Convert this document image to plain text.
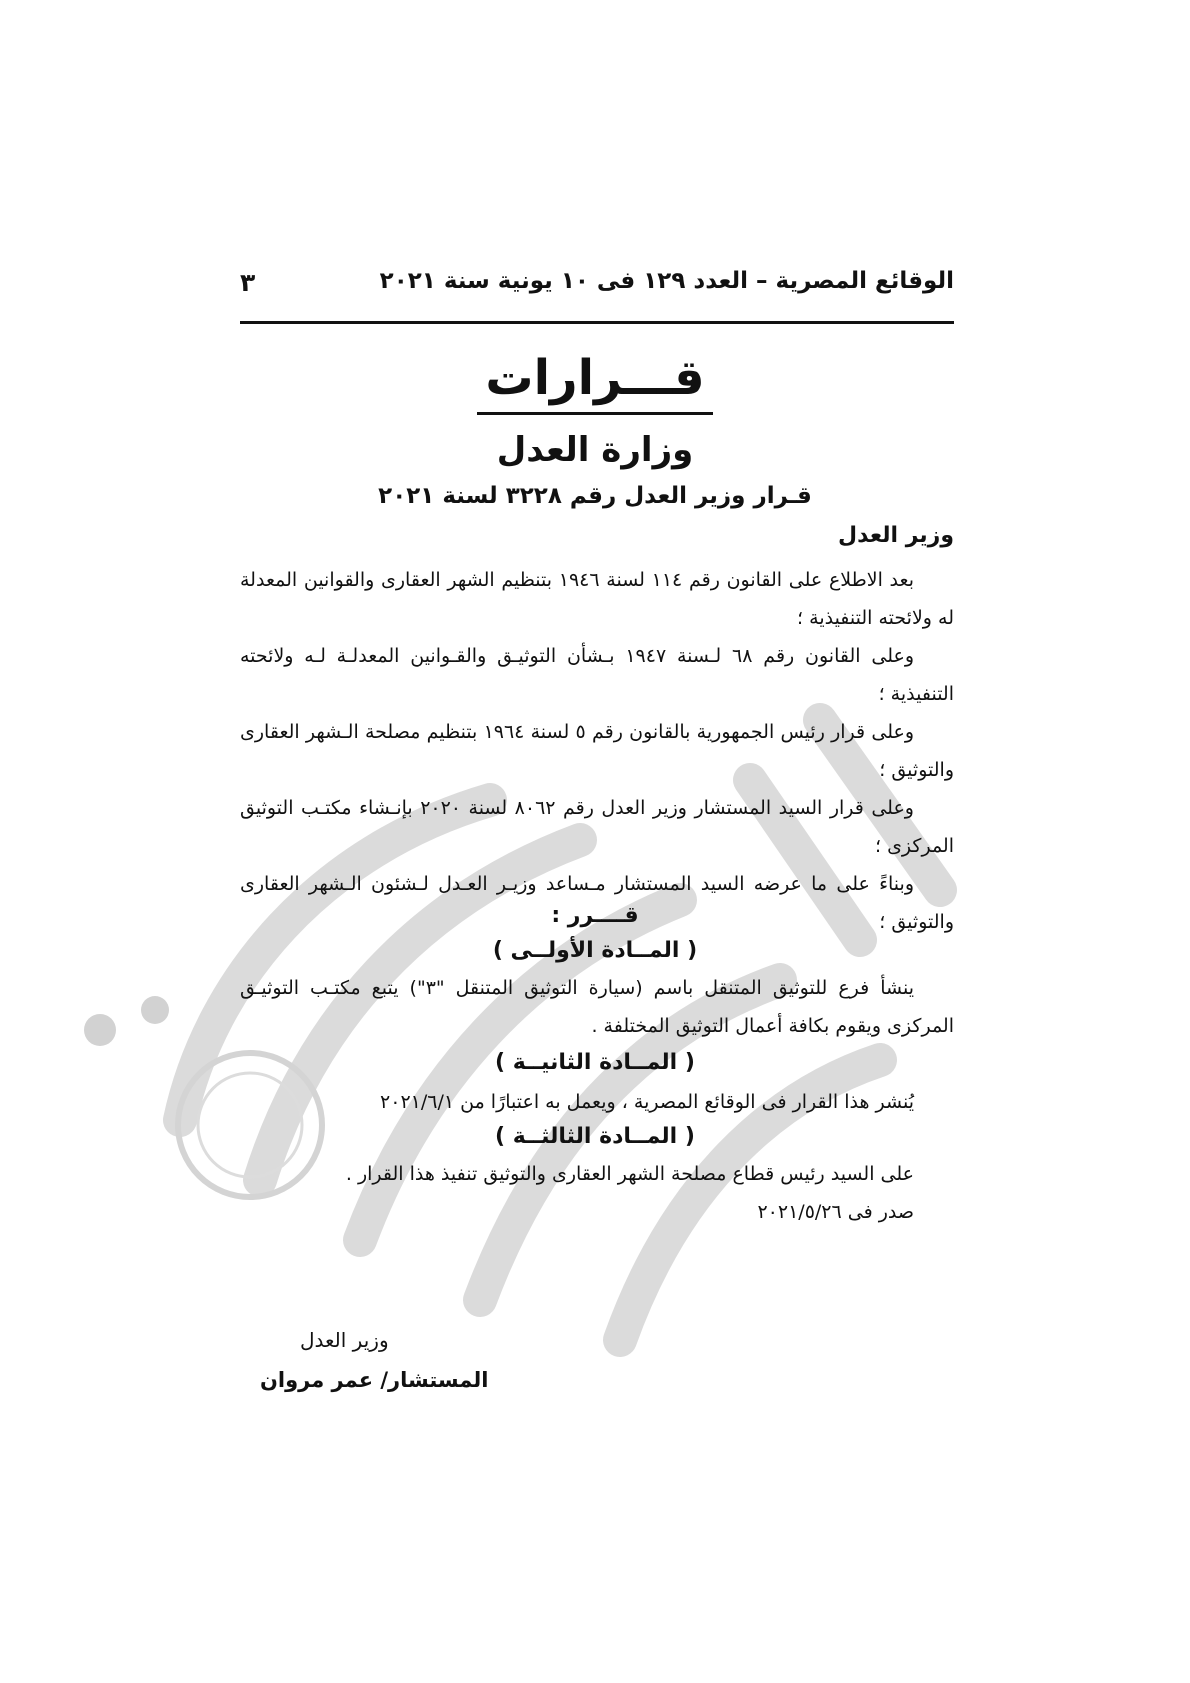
الوقائع المصرية – العدد ١٢٩ فى ١٠ يونية سنة ٢٠٢١
٣
قـــرارات
وزارة العدل
قـرار وزير العدل رقم ٣٢٢٨ لسنة ٢٠٢١
وزير العدل

بعد الاطلاع على القانون رقم ١١٤ لسنة ١٩٤٦ بتنظيم الشهر العقارى والقوانين المعدلة له ولائحته التنفيذية ؛

وعلى القانون رقم ٦٨ لـسنة ١٩٤٧ بـشأن التوثيـق والقـوانين المعدلـة لـه ولائحته التنفيذية ؛

وعلى قرار رئيس الجمهورية بالقانون رقم ٥ لسنة ١٩٦٤ بتنظيم مصلحة الـشهر العقارى والتوثيق ؛

وعلى قرار السيد المستشار وزير العدل رقم ٨٠٦٢ لسنة ٢٠٢٠ بإنـشاء مكتـب التوثيق المركزى ؛

وبناءً على ما عرضه السيد المستشار مـساعد وزيـر العـدل لـشئون الـشهر العقارى والتوثيق ؛

قــــرر :
( المــادة الأولــى )

ينشأ فرع للتوثيق المتنقل باسم (سيارة التوثيق المتنقل "٣") يتبع مكتـب التوثيـق المركزى ويقوم بكافة أعمال التوثيق المختلفة .

( المــادة الثانيــة )

يُنشر هذا القرار فى الوقائع المصرية ، ويعمل به اعتبارًا من ٢٠٢١/٦/١

( المــادة الثالثــة )

على السيد رئيس قطاع مصلحة الشهر العقارى والتوثيق تنفيذ هذا القرار .

صدر فى ٢٠٢١/٥/٢٦

وزير العدل
المستشار/ عمر مروان
